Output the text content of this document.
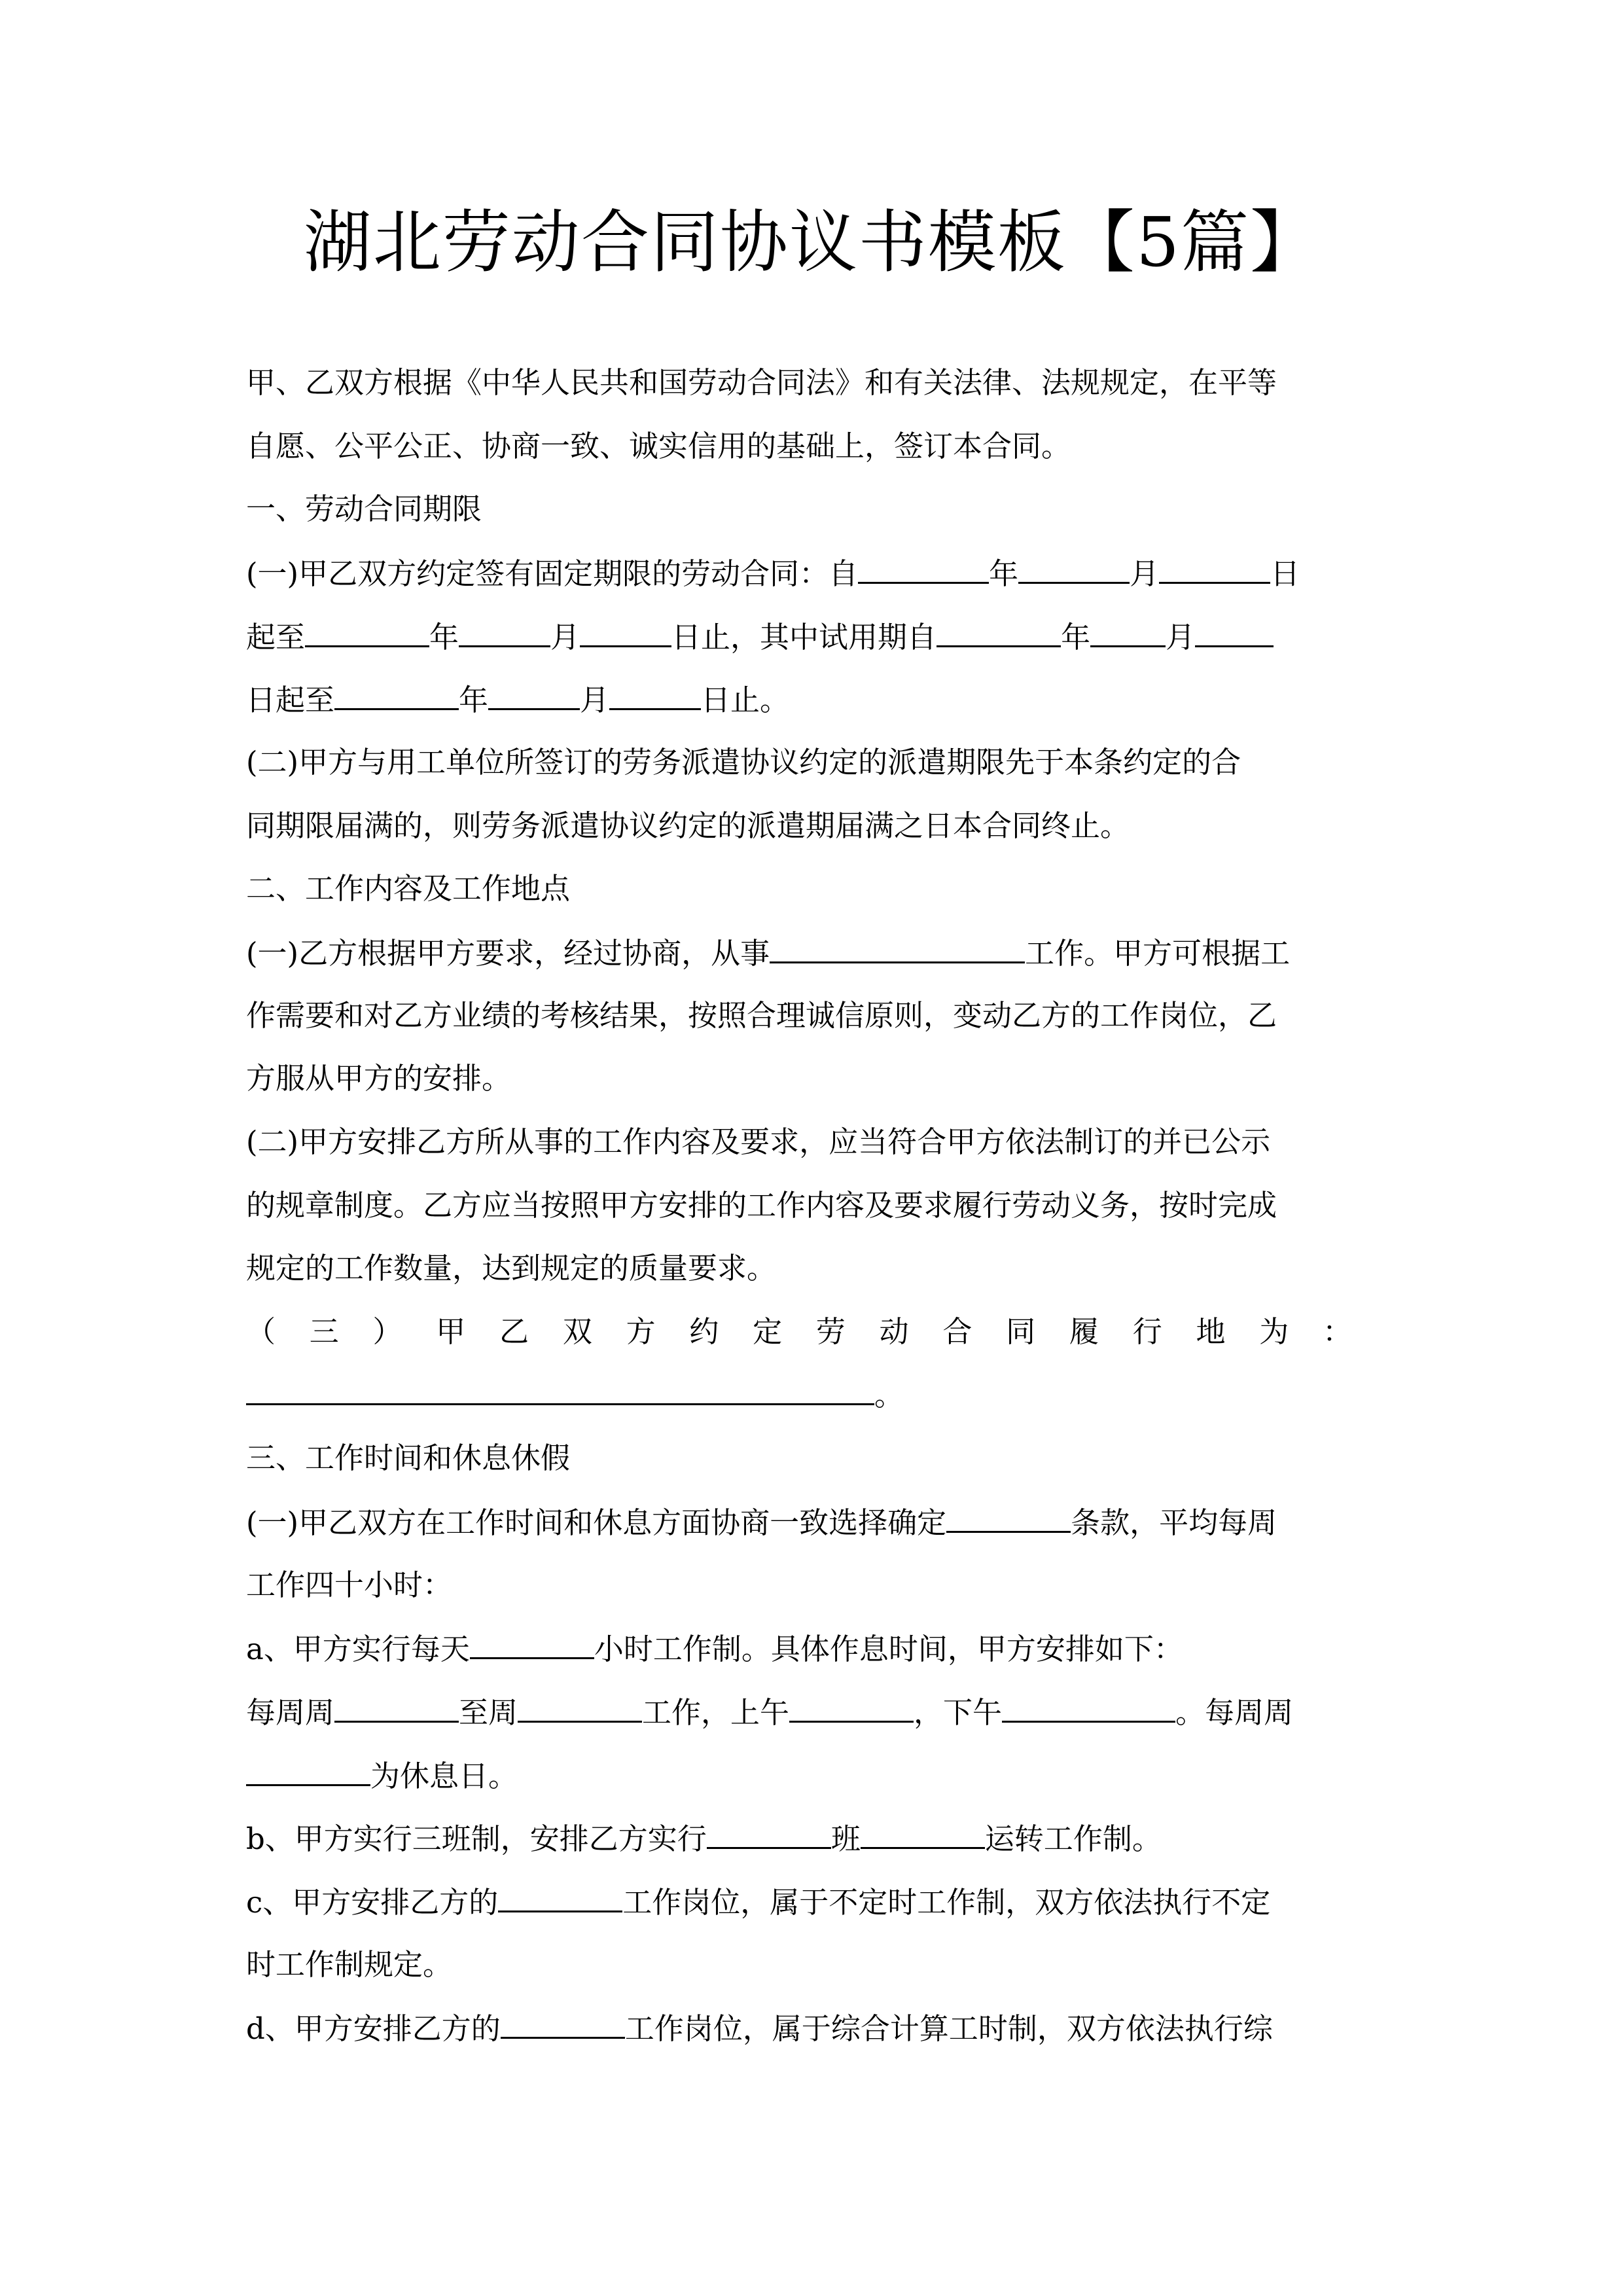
湖北劳动合同协议书模板【5篇】
甲、乙双方根据《中华人民共和国劳动合同法》和有关法律、法规规定，在平等
自愿、公平公正、协商一致、诚实信用的基础上，签订本合同。
一、劳动合同期限
(一)甲乙双方约定签有固定期限的劳动合同：自	年	月	日
起至	年	月	日止，其中试用期自	年	月
日起至	年	月	日止。
(二)甲方与用工单位所签订的劳务派遣协议约定的派遣期限先于本条约定的合
同期限届满的，则劳务派遣协议约定的派遣期届满之日本合同终止。
二、工作内容及工作地点
(一)乙方根据甲方要求，经过协商，从事	工作。甲方可根据工
作需要和对乙方业绩的考核结果，按照合理诚信原则，变动乙方的工作岗位，乙
方服从甲方的安排。
(二)甲方安排乙方所从事的工作内容及要求，应当符合甲方依法制订的并已公示
的规章制度。乙方应当按照甲方安排的工作内容及要求履行劳动义务，按时完成
规定的工作数量，达到规定的质量要求。
（三）甲乙双方约定劳动合同履行地为：
。
三、工作时间和休息休假
(一)甲乙双方在工作时间和休息方面协商一致选择确定	条款，平均每周
工作四十小时：
a、甲方实行每天	小时工作制。具体作息时间，甲方安排如下：
每周周	至周	工作，上午	，下午	。每周周
为休息日。
b、甲方实行三班制，安排乙方实行	班	运转工作制。
c、甲方安排乙方的	工作岗位，属于不定时工作制，双方依法执行不定
时工作制规定。
d、甲方安排乙方的	工作岗位，属于综合计算工时制，双方依法执行综
